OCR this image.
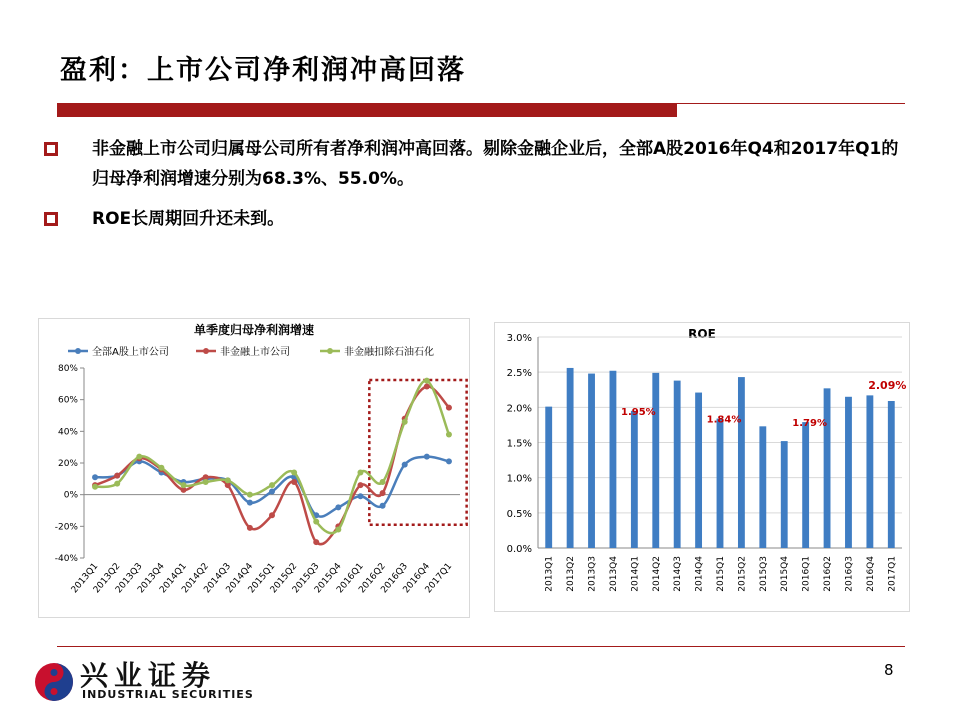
盈利：上市公司净利润冲高回落
非金融上市公司归属母公司所有者净利润冲高回落。剔除金融企业后，全部A股2016年Q4和2017年Q1的归母净利润增速分别为68.3%、55.0%。
ROE长周期回升还未到。
单季度归母净利润增速
全部A股上市公司	非金融上市公司	非金融扣除石油石化
80%
60%
40%
20%
0%
-20%
-40%
2013Q1
2013Q2
2013Q3
2013Q4
2014Q1
2014Q2
2014Q3
2014Q4
2015Q1
2015Q2
2015Q3
2015Q4
2016Q1
2016Q2
2016Q3
2016Q4
2017Q1
ROE
3.0%
2.5%
2.0%
1.5%
1.0%
0.5%
0.0%
2013Q1 2013Q2 2013Q3 2013Q4 2014Q1 2014Q2 2014Q3 2014Q4 2015Q1 2015Q2 2015Q3 2015Q4 2016Q1 2016Q2 2016Q3 2016Q4 2017Q1
1.95%
1.84%	1.79%
2.09%
兴业证券
INDUSTRIAL SECURITIES
8
